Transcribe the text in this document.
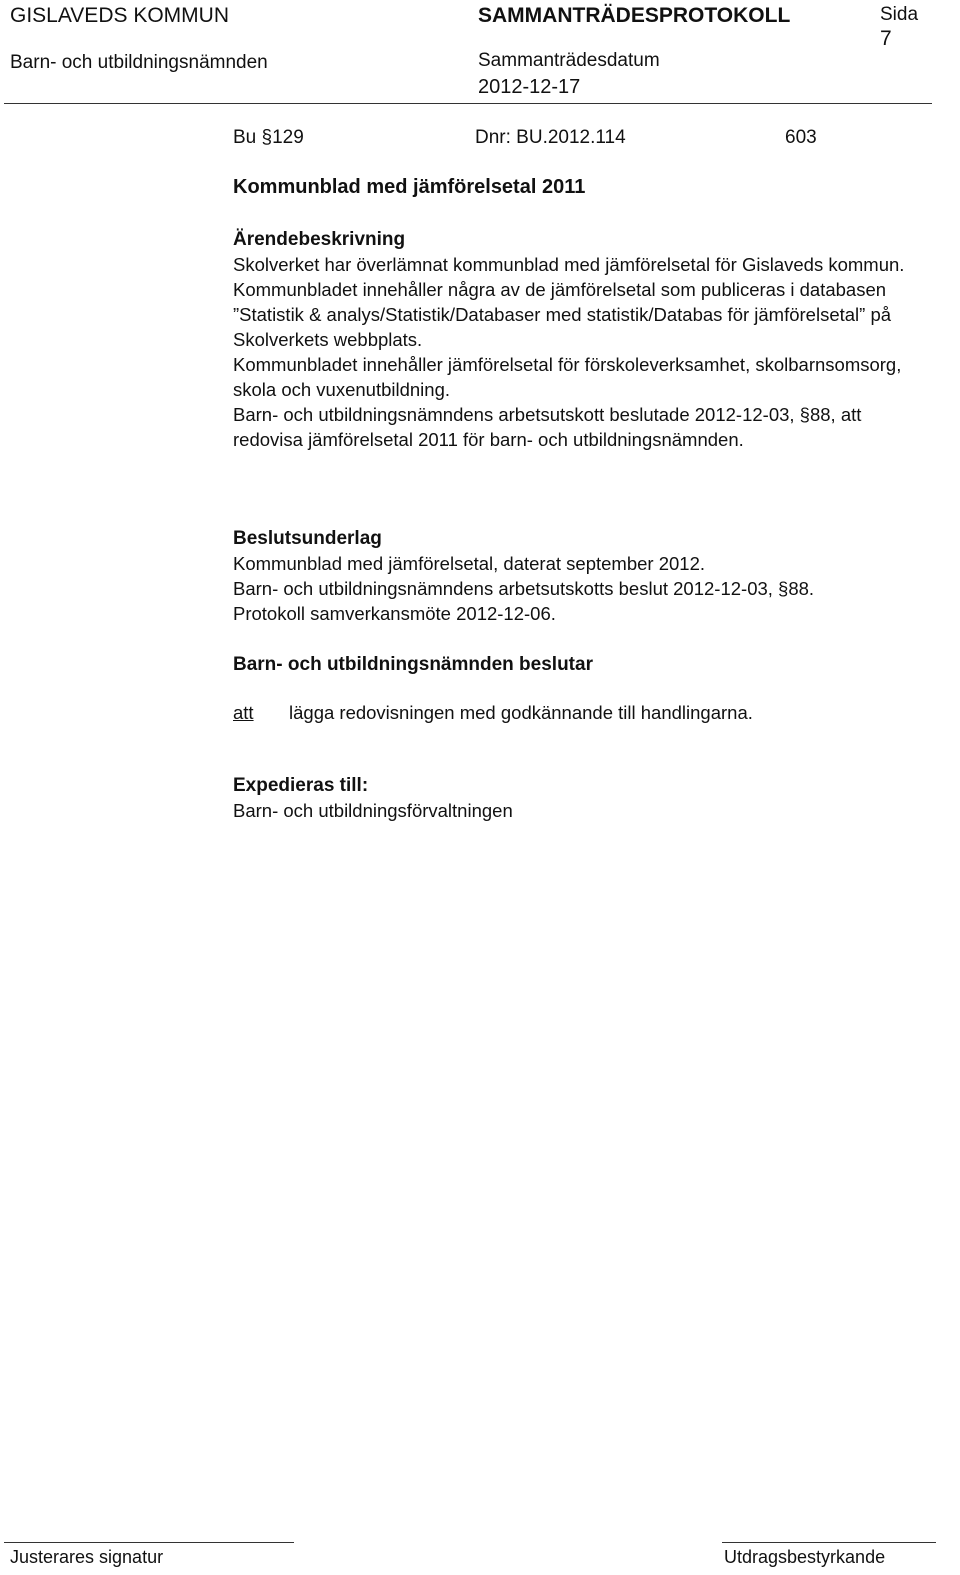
GISLAVEDS KOMMUN	SAMMANTRÄDESPROTOKOLL	Sida
7
Barn- och utbildningsnämnden	Sammanträdesdatum
2012-12-17
Bu §129	Dnr: BU.2012.114	603
Kommunblad med jämförelsetal 2011
Ärendebeskrivning

Skolverket har överlämnat kommunblad med jämförelsetal för Gislaveds kommun.

Kommunbladet innehåller några av de jämförelsetal som publiceras i databasen

”Statistik & analys/Statistik/Databaser med statistik/Databas för jämförelsetal” på

Skolverkets webbplats.

Kommunbladet innehåller jämförelsetal för förskoleverksamhet, skolbarnsomsorg,

skola och vuxenutbildning.

Barn- och utbildningsnämndens arbetsutskott beslutade 2012-12-03, §88, att

redovisa jämförelsetal 2011 för barn- och utbildningsnämnden.

Beslutsunderlag

Kommunblad med jämförelsetal, daterat september 2012.

Barn- och utbildningsnämndens arbetsutskotts beslut 2012-12-03, §88.

Protokoll samverkansmöte 2012-12-06.

Barn- och utbildningsnämnden beslutar
att lägga redovisningen med godkännande till handlingarna.
Expedieras till:

Barn- och utbildningsförvaltningen

Justerares signatur	Utdragsbestyrkande
